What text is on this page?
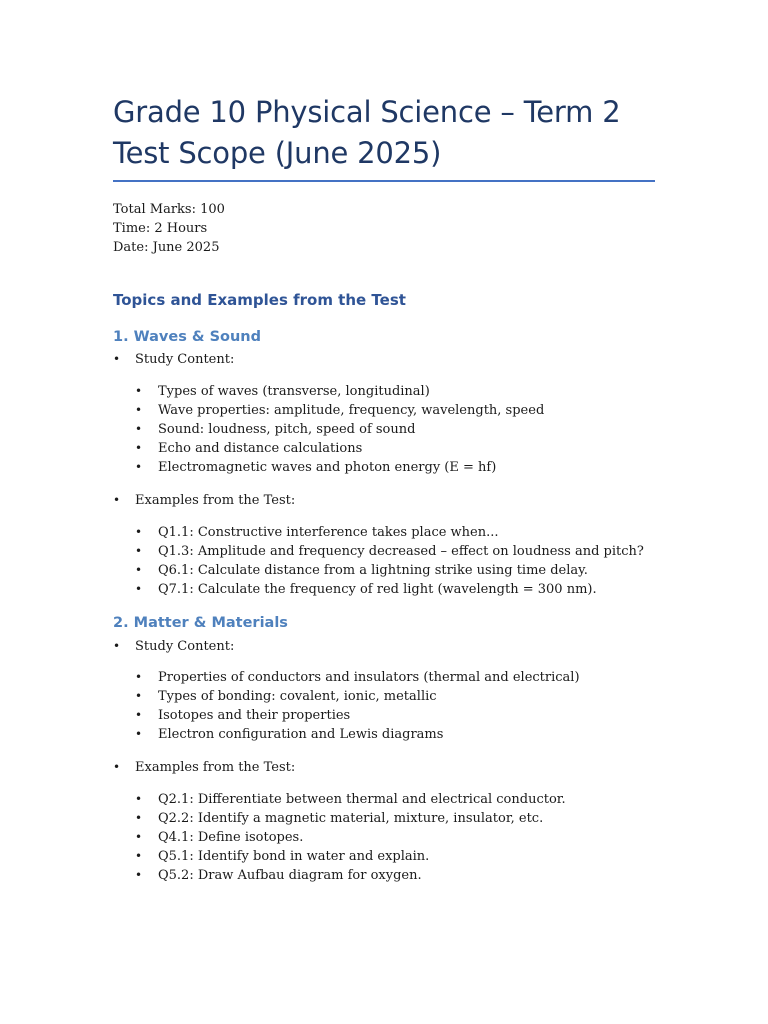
Grade 10 Physical Science – Term 2 Test Scope (June 2025)
Total Marks: 100
Time: 2 Hours
Date: June 2025
Topics and Examples from the Test
1. Waves & Sound
• Study Content:
• Types of waves (transverse, longitudinal)
• Wave properties: amplitude, frequency, wavelength, speed
• Sound: loudness, pitch, speed of sound
• Echo and distance calculations
• Electromagnetic waves and photon energy (E = hf)
• Examples from the Test:
• Q1.1: Constructive interference takes place when...
• Q1.3: Amplitude and frequency decreased – effect on loudness and pitch?
• Q6.1: Calculate distance from a lightning strike using time delay.
• Q7.1: Calculate the frequency of red light (wavelength = 300 nm).
2. Matter & Materials
• Study Content:
• Properties of conductors and insulators (thermal and electrical)
• Types of bonding: covalent, ionic, metallic
• Isotopes and their properties
• Electron configuration and Lewis diagrams
• Examples from the Test:
• Q2.1: Differentiate between thermal and electrical conductor.
• Q2.2: Identify a magnetic material, mixture, insulator, etc.
• Q4.1: Define isotopes.
• Q5.1: Identify bond in water and explain.
• Q5.2: Draw Aufbau diagram for oxygen.
